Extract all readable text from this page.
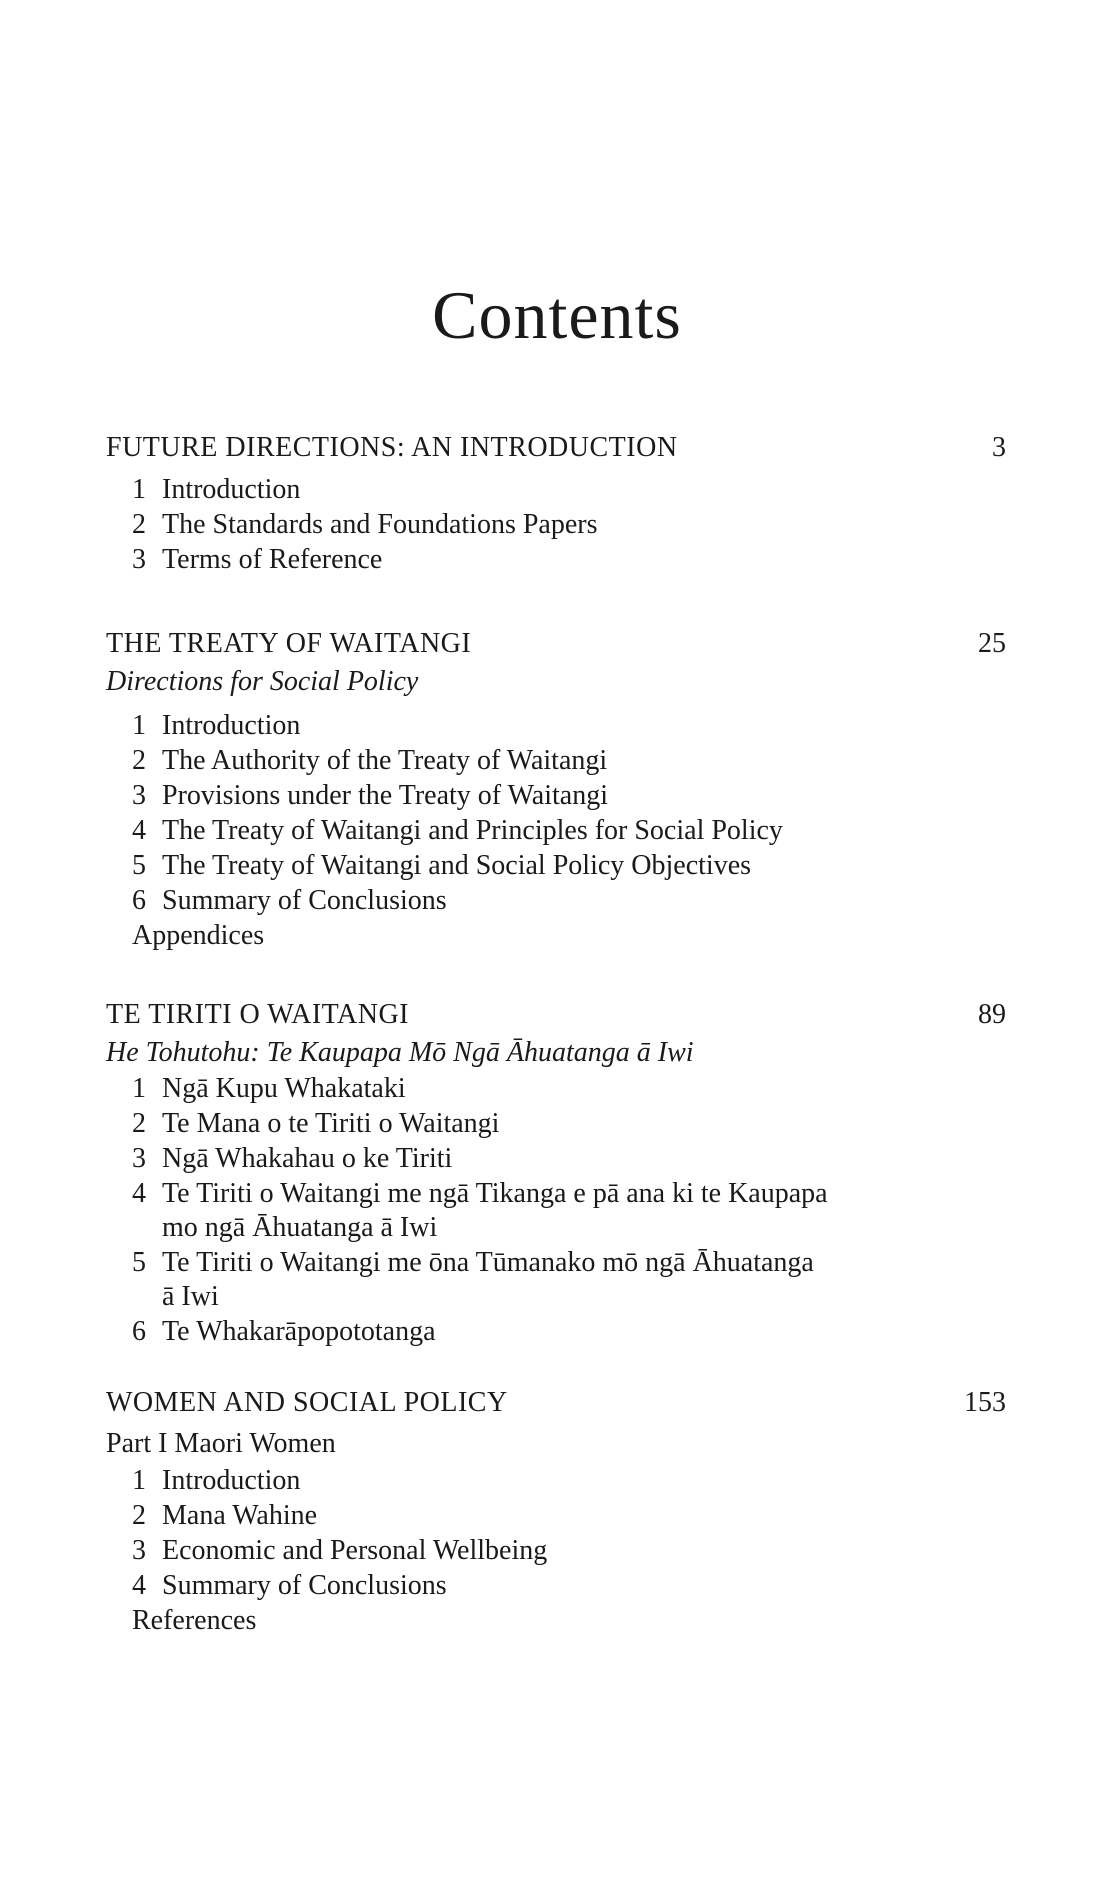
Contents
FUTURE DIRECTIONS: AN INTRODUCTION	3
1 Introduction
2 The Standards and Foundations Papers
3 Terms of Reference
THE TREATY OF WAITANGI	25
Directions for Social Policy
1 Introduction
2 The Authority of the Treaty of Waitangi
3 Provisions under the Treaty of Waitangi
4 The Treaty of Waitangi and Principles for Social Policy
5 The Treaty of Waitangi and Social Policy Objectives
6 Summary of Conclusions
Appendices
TE TIRITI O WAITANGI	89
He Tohutohu: Te Kaupapa Mō Ngā Āhuatanga ā Iwi
1 Ngā Kupu Whakataki
2 Te Mana o te Tiriti o Waitangi
3 Ngā Whakahau o ke Tiriti
4 Te Tiriti o Waitangi me ngā Tikanga e pā ana ki te Kaupapa
mo ngā Āhuatanga ā Iwi
5 Te Tiriti o Waitangi me ōna Tūmanako mō ngā Āhuatanga
ā Iwi
6 Te Whakarāpopototanga
WOMEN AND SOCIAL POLICY	153
Part I Maori Women
1 Introduction
2 Mana Wahine
3 Economic and Personal Wellbeing
4 Summary of Conclusions
References
